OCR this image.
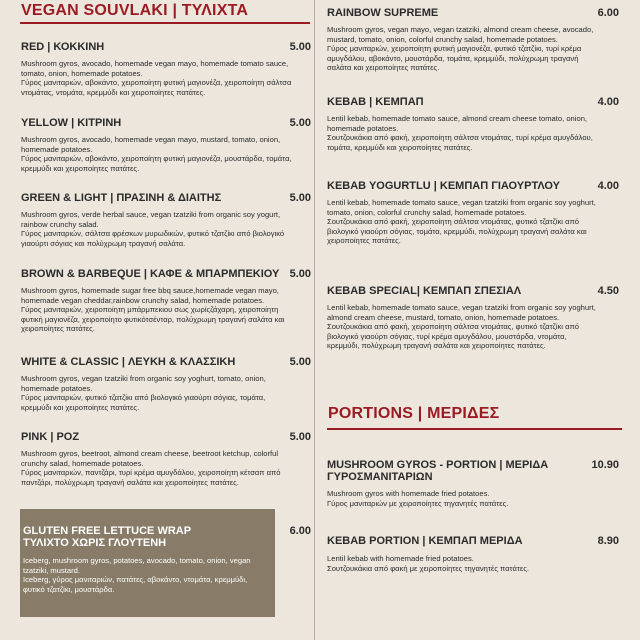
VEGAN SOUVLAKI | ΤΥΛΙΧΤΑ
RED | ΚΟΚΚΙΝΗ	5.00

Mushroom gyros, avocado, homemade vegan mayo, homemade tomato sauce, tomato, onion, homemade potatoes.

Γύρος μανιταριών, αβοκάντο, χειροποίητη φυτική μαγιονέζα, χειροποίητη σάλτσα ντομάτας, ντομάτα, κρεμμύδι και χειροποίητες πατάτες.

YELLOW | ΚΙΤΡΙΝΗ	5.00

Mushroom gyros, avocado, homemade vegan mayo, mustard, tomato, onion, homemade potatoes.

Γύρος μανιταριών, αβοκάντο, χειροποίητη φυτική μαγιονέζα, μουστάρδα, τομάτα, κρεμμύδι και χειροποίητες πατάτες.

GREEN & LIGHT | ΠΡΑΣΙΝΗ & ΔΙΑΙΤΗΣ	5.00

Mushroom gyros, verde herbal sauce, vegan tzatziki from organic soy yogurt, rainbow crunchy salad.

Γύρος μανιταριών, σάλτσα φρέσκων μυρωδικών, φυτικό τζατζίκι από βιολογικό γιαούρτι σόγιας και πολύχρωμη τραγανή σαλάτα.

BROWN & BARBEQUE | ΚΑΦΕ & ΜΠΑΡΜΠΕΚΙΟΥ 5.00

Mushroom gyros, homemade sugar free bbq sauce,homemade vegan mayo, homemade vegan cheddar,rainbow crunchy salad, homemade potatoes.

Γύρος μανιταριών, χειροποίητη μπάρμπεκιου σως χωρίςζάχαρη, χειροποίητη φυτική μαγιονέζα, χειροποίητο φυτικότσένταρ, πολύχρωμη τραγανή σαλάτα και χειροποίητες πατάτες.

WHITE & CLASSIC | ΛΕΥΚΗ & ΚΛΑΣΣΙΚΗ	5.00

Mushroom gyros, vegan tzatziki from organic soy yoghurt, tomato, onion, homemade potatoes.

Γύρος μανιταριών, φυτικό τζατζίκι από βιολογικό γιαούρτι σόγιας, τομάτα, κρεμμύδι και χειροποίητες πατάτες.

PINK | ΡΟΖ	5.00

Mushroom gyros, beetroot, almond cream cheese, beetroot ketchup, colorful crunchy salad, homemade potatoes.

Γύρος μανιταριών, παντζάρι, τυρί κρέμα αμυγδάλου, χειροποίητη κέτσαπ από παντζάρι, πολύχρωμη τραγανή σαλάτα και χειροποίητες πατάτες.

GLUTEN FREE LETTUCE WRAP
ΤΥΛΙΧΤΟ ΧΩΡΙΣ ΓΛΟΥΤΕΝΗ
6.00

Iceberg, mushroom gyros, potatoes, avocado, tomato, onion, vegan tzatziki, mustard.

Iceberg, γύρος μανιταριών, πατάτες, αβοκάντο, ντομάτα, κρεμμύδι, φυτικό τζατζίκι, μουστάρδα.

RAINBOW SUPREME	6.00

Mushroom gyros, vegan mayo, vegan tzatziki, almond cream cheese, avocado, mustard, tomato, onion, colorful crunchy salad, homemade potatoes.

Γύρος μανιταριών, χειροποίητη φυτική μαγιονέζα, φυτικό τζατζίκι, τυρί κρέμα αμυγδάλου, αβοκάντο, μουστάρδα, τομάτα, κρεμμύδι, πολύχρωμη τραγανή σαλάτα και χειροποίητες πατάτες.

KEBAB | ΚΕΜΠΑΠ	4.00

Lentil kebab, homemade tomato sauce, almond cream cheese tomato, onion, homemade potatoes.

Σουτζουκάκια από φακή, χειροποίητη σάλτσα ντομάτας, τυρί κρέμα αμυγδάλου, τομάτα, κρεμμύδι και χειροποίητες πατάτες.

KEBAB YOGURTLU | ΚΕΜΠΑΠ ΓΙΑΟΥΡΤΛΟΥ	4.00

Lentil kebab, homemade tomato sauce, vegan tzatziki from organic soy yoghurt, tomato, onion, colorful crunchy salad, homemade potatoes.

Σουτζουκάκια από φακή, χειροποίητη σάλτσα ντομάτας, φυτικό τζατζίκι από βιολογικό γιαούρτι σόγιας, τομάτα, κρεμμύδι, πολύχρωμη τραγανή σαλάτα και χειροποίητες πατάτες.

KEBAB SPECIAL| ΚΕΜΠΑΠ ΣΠΕΣΙΑΛ	4.50

Lentil kebab, homemade tomato sauce, vegan tzatziki from organic soy yoghurt, almond cream cheese, mustard, tomato, onion, homemade potatoes.

Σουτζουκάκια από φακή, χειροποίητη σάλτσα ντομάτας, φυτικό τζατζίκι από βιολογικό γιαούρτι σόγιας, τυρί κρέμα αμυγδάλου, μουστάρδα, ντομάτα, κρεμμύδι, πολύχρωμη τραγανή σαλάτα και χειροποίητες πατάτες.

PORTIONS | ΜΕΡΙΔΕΣ
MUSHROOM GYROS - PORTION | ΜΕΡΙΔΑ
ΓΥΡΟΣΜΑΝΙΤΑΡΙΩΝ
10.90

Mushroom gyros with homemade fried potatoes.

Γύρος μανιταριών με χειροποίητες τηγανητές πατάτες.

KEBAB PORTION | ΚΕΜΠΑΠ ΜΕΡΙΔΑ	8.90

Lentil kebab with homemade fried potatoes.

Σουτζουκάκια από φακή με χειροποίητες τηγανητές πατάτες.
